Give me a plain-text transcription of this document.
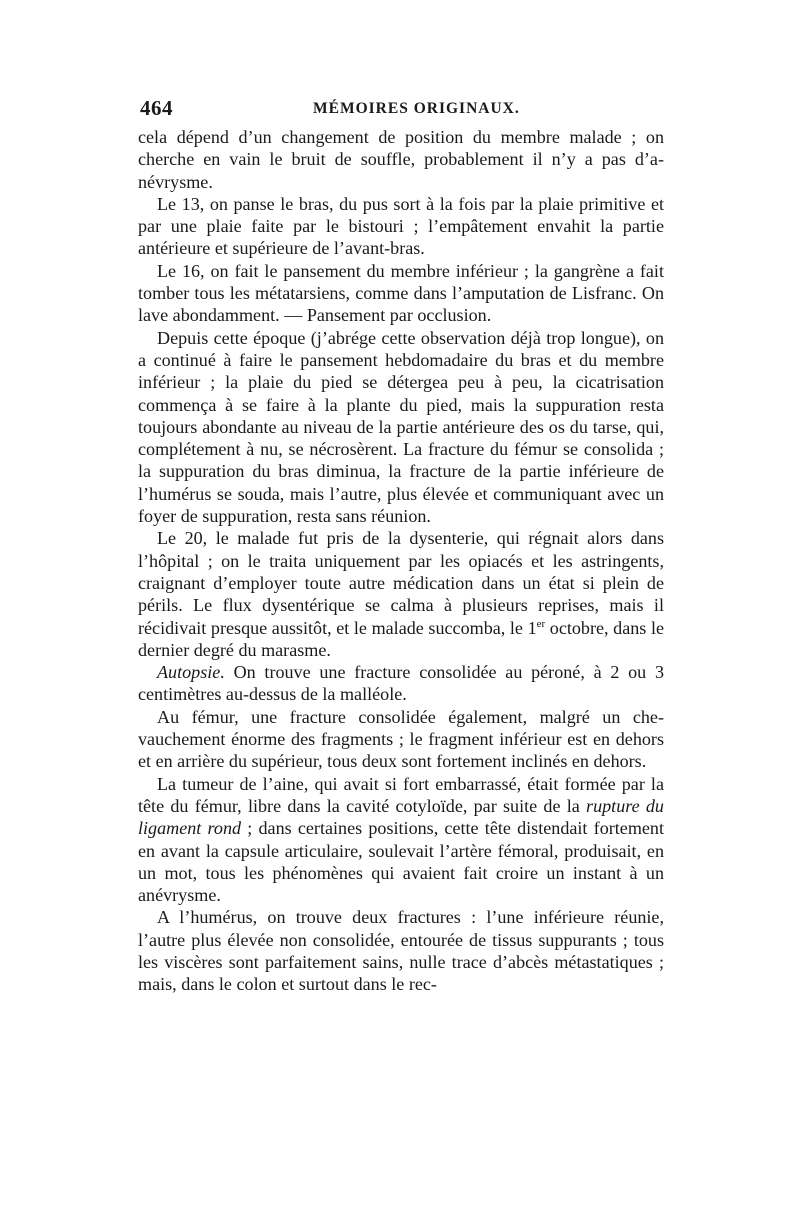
464	MÉMOIRES ORIGINAUX.

cela dépend d’un changement de position du membre malade ; on cherche en vain le bruit de souffle, probablement il n’y a pas d’anévrysme.

Le 13, on panse le bras, du pus sort à la fois par la plaie primitive et par une plaie faite par le bistouri ; l’empâtement envahit la partie antérieure et supérieure de l’avant-bras.

Le 16, on fait le pansement du membre inférieur ; la gangrène a fait tomber tous les métatarsiens, comme dans l’amputation de Lisfranc. On lave abondamment. — Pansement par occlusion.

Depuis cette époque (j’abrége cette observation déjà trop longue), on a continué à faire le pansement hebdomadaire du bras et du membre inférieur ; la plaie du pied se détergea peu à peu, la cicatrisation commença à se faire à la plante du pied, mais la suppuration resta toujours abondante au niveau de la partie antérieure des os du tarse, qui, complétement à nu, se nécrosèrent. La fracture du fémur se consolida ; la suppuration du bras diminua, la fracture de la partie inférieure de l’humérus se souda, mais l’autre, plus élevée et communiquant avec un foyer de suppuration, resta sans réunion.

Le 20, le malade fut pris de la dysenterie, qui régnait alors dans l’hôpital ; on le traita uniquement par les opiacés et les astringents, craignant d’employer toute autre médication dans un état si plein de périls. Le flux dysentérique se calma à plusieurs reprises, mais il récidivait presque aussitôt, et le malade succomba, le 1er octobre, dans le dernier degré du marasme.

Autopsie. On trouve une fracture consolidée au péroné, à 2 ou 3 centimètres au-dessus de la malléole.

Au fémur, une fracture consolidée également, malgré un chevauchement énorme des fragments ; le fragment inférieur est en dehors et en arrière du supérieur, tous deux sont fortement inclinés en dehors.

La tumeur de l’aine, qui avait si fort embarrassé, était formée par la tête du fémur, libre dans la cavité cotyloïde, par suite de la rupture du ligament rond ; dans certaines positions, cette tête distendait fortement en avant la capsule articulaire, soulevait l’artère fémoral, produisait, en un mot, tous les phénomènes qui avaient fait croire un instant à un anévrysme.

A l’humérus, on trouve deux fractures : l’une inférieure réunie, l’autre plus élevée non consolidée, entourée de tissus suppurants ; tous les viscères sont parfaitement sains, nulle trace d’abcès métastatiques ; mais, dans le colon et surtout dans le rec-
